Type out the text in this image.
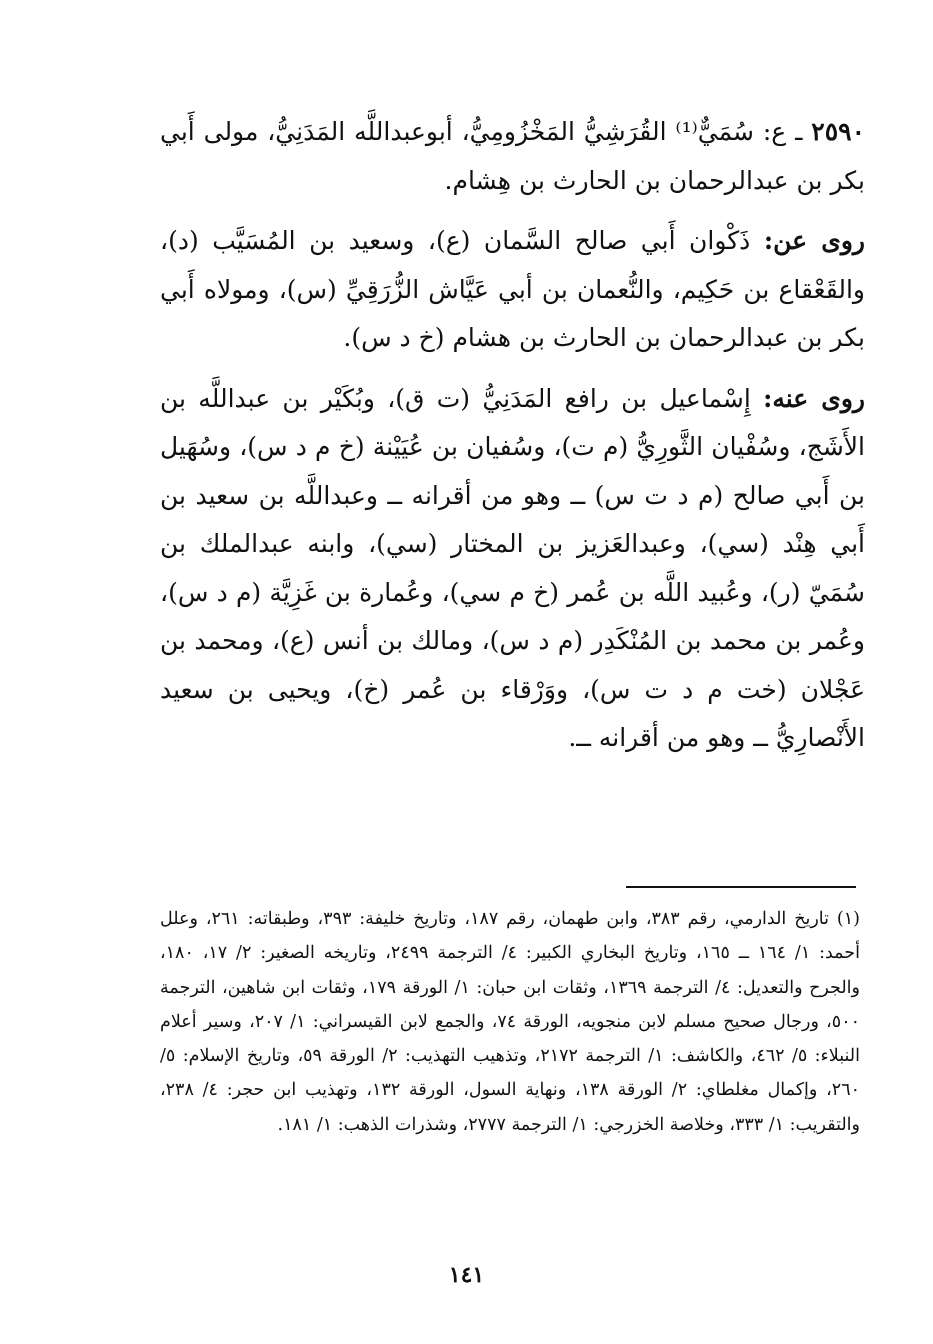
٢٥٩٠ ـ ع: سُمَيٌّ⁽¹⁾ القُرَشِيُّ المَخْزُومِيُّ، أبوعبداللَّه المَدَنِيُّ، مولى أَبي بكر بن عبدالرحمان بن الحارث بن هِشام.

روى عن: ذَكْوان أَبي صالح السَّمان (ع)، وسعيد بن المُسَيَّب (د)، والقَعْقاع بن حَكِيم، والنُّعمان بن أبي عَيَّاش الزُّرَقِيِّ (س)، ومولاه أَبي بكر بن عبدالرحمان بن الحارث بن هشام (خ د س).

روى عنه: إِسْماعيل بن رافع المَدَنِيُّ (ت ق)، وبُكَيْر بن عبداللَّه بن الأَشَج، وسُفْيان الثَّورِيُّ (م ت)، وسُفيان بن عُيَيْنة (خ م د س)، وسُهَيل بن أَبي صالح (م د ت س) ــ وهو من أقرانه ــ وعبداللَّه بن سعيد بن أَبي هِنْد (سي)، وعبدالعَزيز بن المختار (سي)، وابنه عبدالملك بن سُمَيّ (ر)، وعُبيد اللَّه بن عُمر (خ م سي)، وعُمارة بن غَزِيَّة (م د س)، وعُمر بن محمد بن المُنْكَدِر (م د س)، ومالك بن أنس (ع)، ومحمد بن عَجْلان (خت م د ت س)، ووَرْقاء بن عُمر (خ)، ويحيى بن سعيد الأَنْصارِيُّ ــ وهو من أقرانه ــ.

(١) تاريخ الدارمي، رقم ٣٨٣، وابن طهمان، رقم ١٨٧، وتاريخ خليفة: ٣٩٣، وطبقاته: ٢٦١، وعلل أحمد: ١/ ١٦٤ ــ ١٦٥، وتاريخ البخاري الكبير: ٤/ الترجمة ٢٤٩٩، وتاريخه الصغير: ٢/ ١٧، ١٨٠، والجرح والتعديل: ٤/ الترجمة ١٣٦٩، وثقات ابن حبان: ١/ الورقة ١٧٩، وثقات ابن شاهين، الترجمة ٥٠٠، ورجال صحيح مسلم لابن منجويه، الورقة ٧٤، والجمع لابن القيسراني: ١/ ٢٠٧، وسير أعلام النبلاء: ٥/ ٤٦٢، والكاشف: ١/ الترجمة ٢١٧٢، وتذهيب التهذيب: ٢/ الورقة ٥٩، وتاريخ الإسلام: ٥/ ٢٦٠، وإكمال مغلطاي: ٢/ الورقة ١٣٨، ونهاية السول، الورقة ١٣٢، وتهذيب ابن حجر: ٤/ ٢٣٨، والتقريب: ١/ ٣٣٣، وخلاصة الخزرجي: ١/ الترجمة ٢٧٧٧، وشذرات الذهب: ١/ ١٨١.

١٤١
